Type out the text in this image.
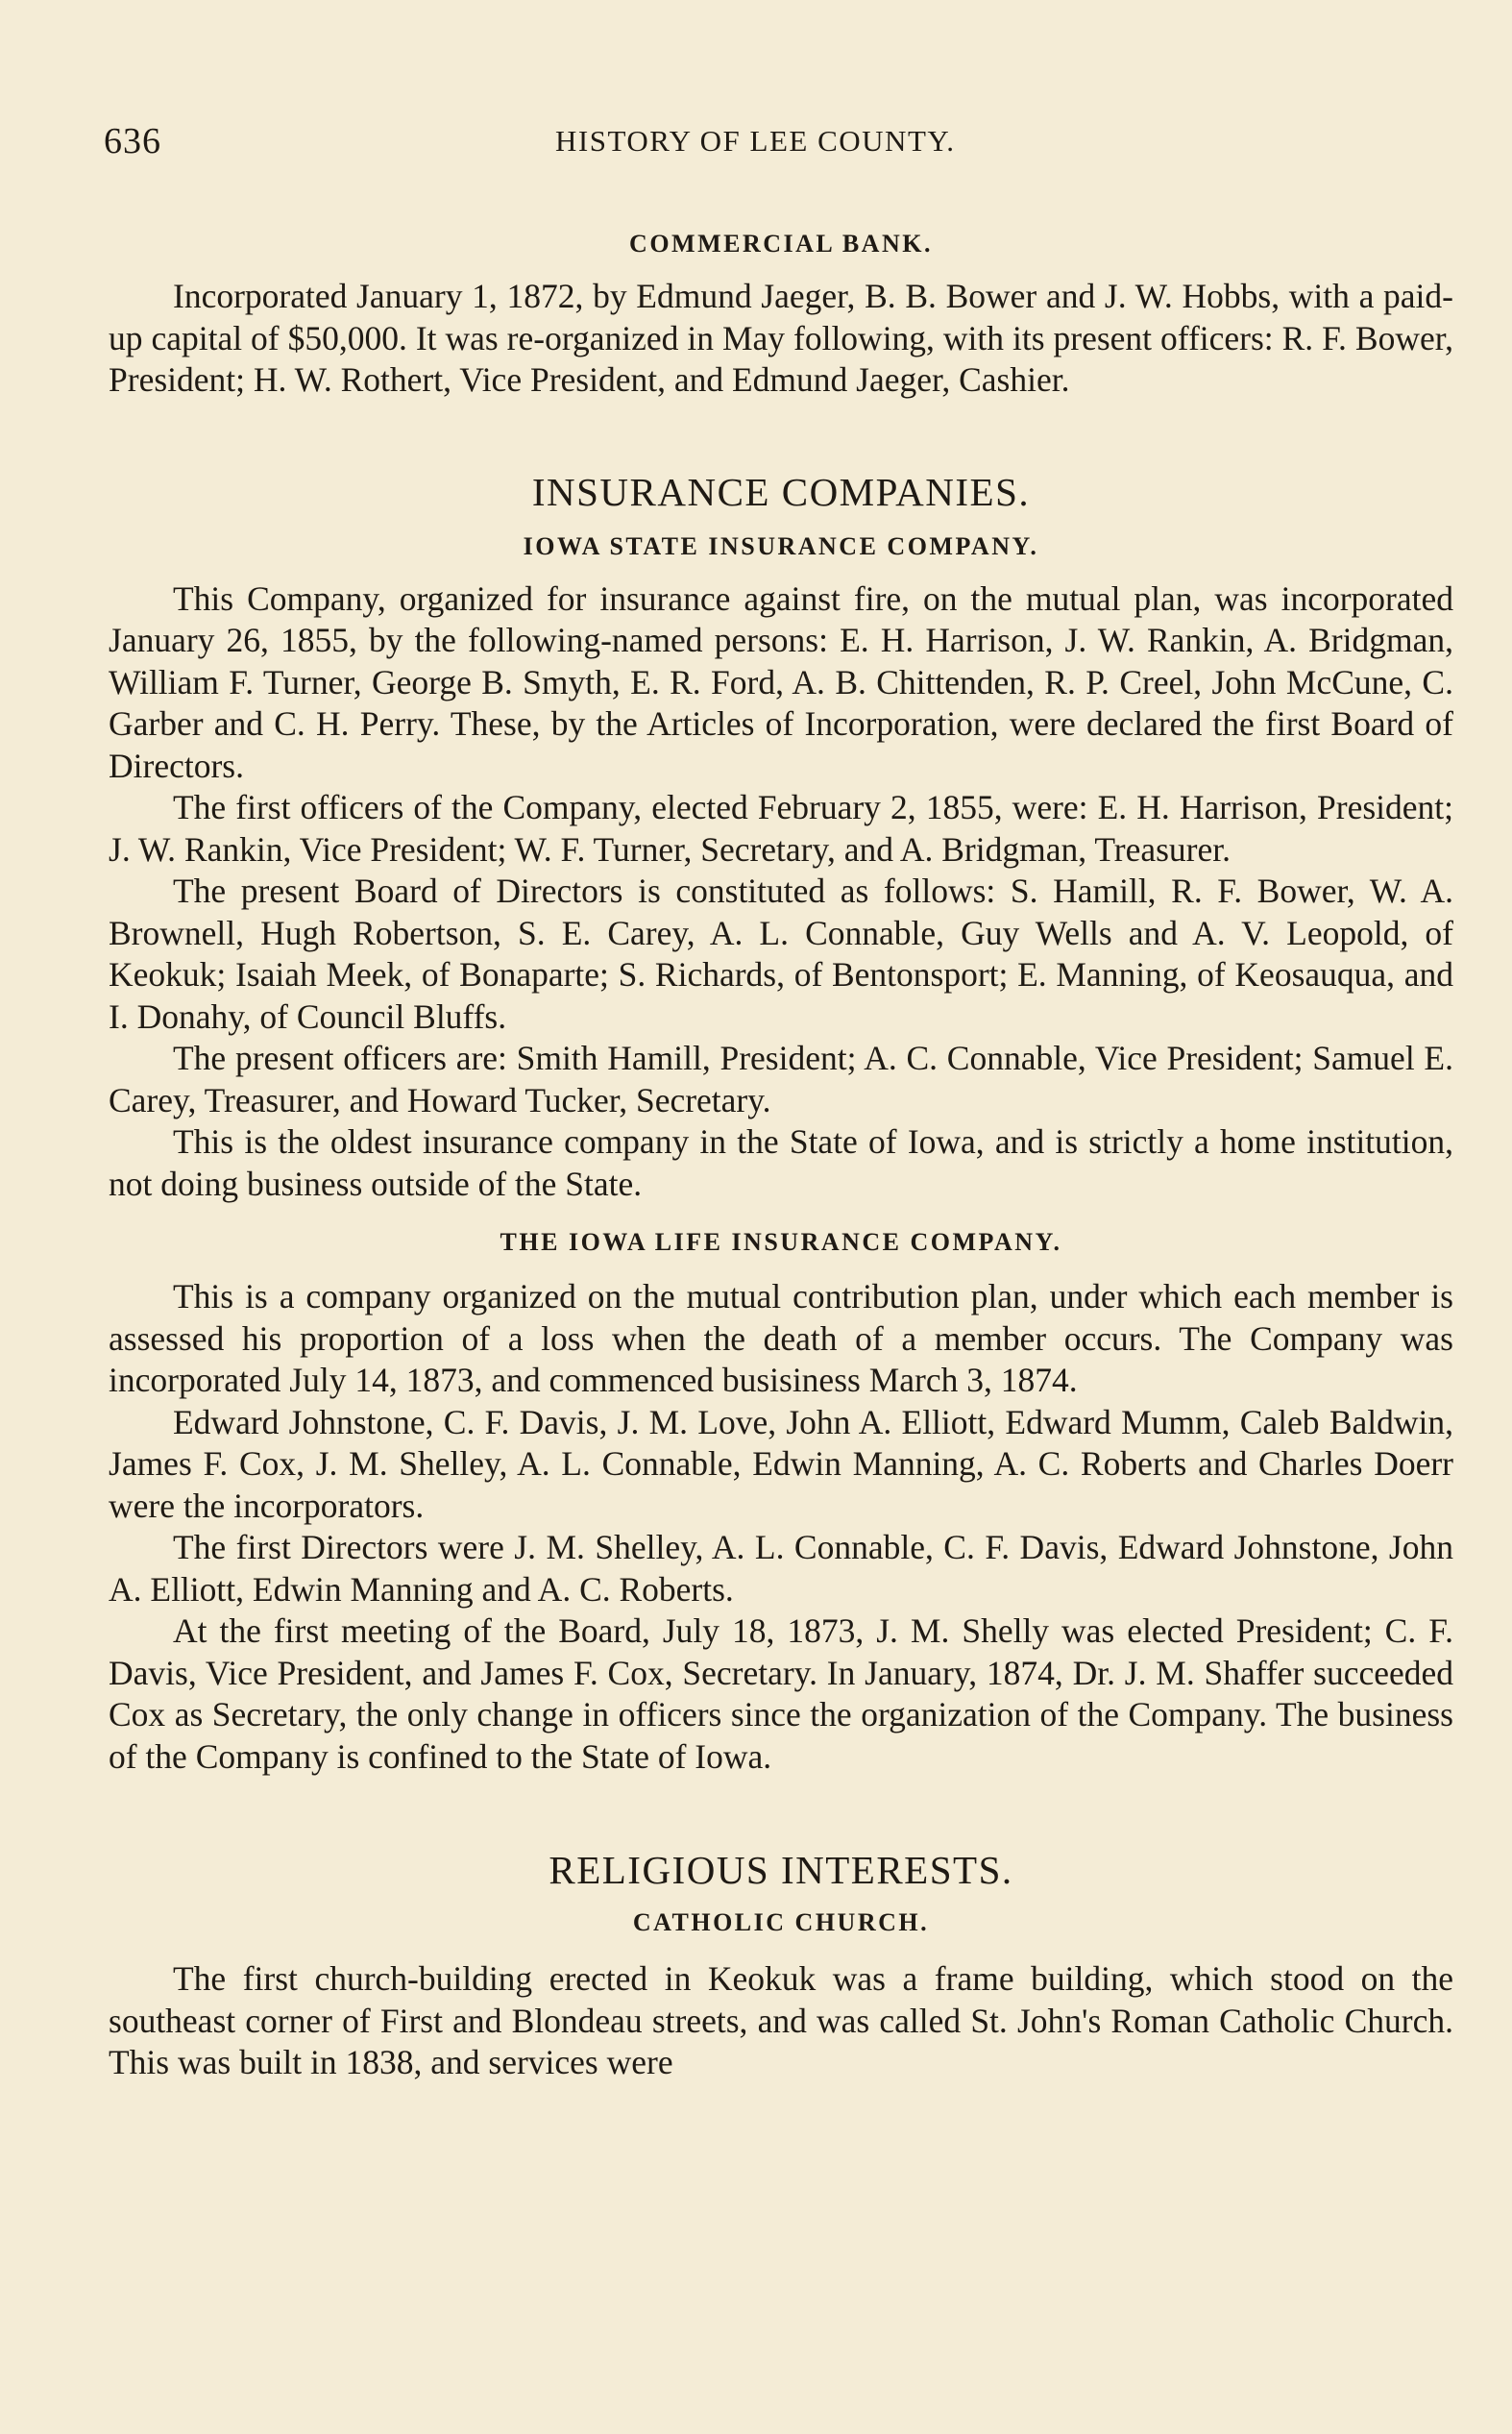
636	HISTORY OF LEE COUNTY.
COMMERCIAL BANK.

Incorporated January 1, 1872, by Edmund Jaeger, B. B. Bower and J. W. Hobbs, with a paid-up capital of $50,000. It was re-organized in May following, with its present officers: R. F. Bower, President; H. W. Rothert, Vice President, and Edmund Jaeger, Cashier.

INSURANCE COMPANIES.
IOWA STATE INSURANCE COMPANY.

This Company, organized for insurance against fire, on the mutual plan, was incorporated January 26, 1855, by the following-named persons: E. H. Harrison, J. W. Rankin, A. Bridgman, William F. Turner, George B. Smyth, E. R. Ford, A. B. Chittenden, R. P. Creel, John McCune, C. Garber and C. H. Perry. These, by the Articles of Incorporation, were declared the first Board of Directors.

The first officers of the Company, elected February 2, 1855, were: E. H. Harrison, President; J. W. Rankin, Vice President; W. F. Turner, Secretary, and A. Bridgman, Treasurer.

The present Board of Directors is constituted as follows: S. Hamill, R. F. Bower, W. A. Brownell, Hugh Robertson, S. E. Carey, A. L. Connable, Guy Wells and A. V. Leopold, of Keokuk; Isaiah Meek, of Bonaparte; S. Richards, of Bentonsport; E. Manning, of Keosauqua, and I. Donahy, of Council Bluffs.

The present officers are: Smith Hamill, President; A. C. Connable, Vice President; Samuel E. Carey, Treasurer, and Howard Tucker, Secretary.

This is the oldest insurance company in the State of Iowa, and is strictly a home institution, not doing business outside of the State.

THE IOWA LIFE INSURANCE COMPANY.

This is a company organized on the mutual contribution plan, under which each member is assessed his proportion of a loss when the death of a member occurs. The Company was incorporated July 14, 1873, and commenced busisiness March 3, 1874.

Edward Johnstone, C. F. Davis, J. M. Love, John A. Elliott, Edward Mumm, Caleb Baldwin, James F. Cox, J. M. Shelley, A. L. Connable, Edwin Manning, A. C. Roberts and Charles Doerr were the incorporators.

The first Directors were J. M. Shelley, A. L. Connable, C. F. Davis, Edward Johnstone, John A. Elliott, Edwin Manning and A. C. Roberts.

At the first meeting of the Board, July 18, 1873, J. M. Shelly was elected President; C. F. Davis, Vice President, and James F. Cox, Secretary. In January, 1874, Dr. J. M. Shaffer succeeded Cox as Secretary, the only change in officers since the organization of the Company. The business of the Company is confined to the State of Iowa.

RELIGIOUS INTERESTS.
CATHOLIC CHURCH.

The first church-building erected in Keokuk was a frame building, which stood on the southeast corner of First and Blondeau streets, and was called St. John's Roman Catholic Church. This was built in 1838, and services were
